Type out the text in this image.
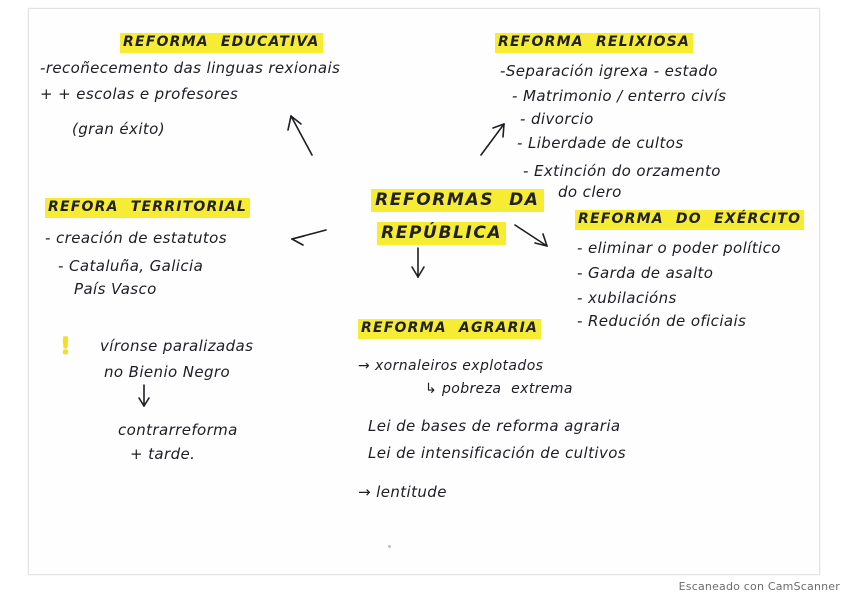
REFORMA  EDUCATIVA
-recoñecemento das linguas rexionais
+ + escolas e profesores
(gran éxito)
REFORMA  RELIXIOSA
-Separación igrexa - estado
- Matrimonio / enterro civís
- divorcio
- Liberdade de cultos
- Extinción do orzamento
do clero

REFORMAS  DA

REPÚBLICA

REFORA  TERRITORIAL
- creación de estatutos
- Cataluña, Galicia
País Vasco
! víronse paralizadas
no Bienio Negro
contrarreforma
+ tarde.
REFORMA  DO  EXÉRCITO
- eliminar o poder político
- Garda de asalto
- xubilacións
- Redución de oficiais
REFORMA  AGRARIA
→ xornaleiros explotados
↳ pobreza  extrema
Lei de bases de reforma agraria
Lei de intensificación de cultivos
→ lentitude
Escaneado con CamScanner
